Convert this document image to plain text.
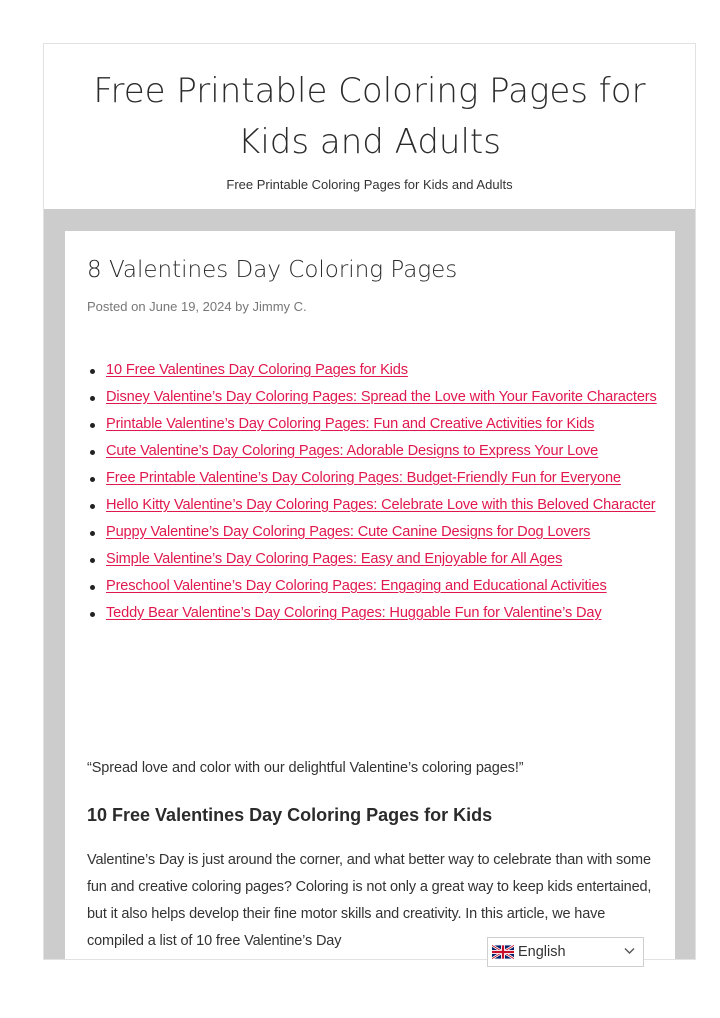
Free Printable Coloring Pages for Kids and Adults
Free Printable Coloring Pages for Kids and Adults
8 Valentines Day Coloring Pages
Posted on June 19, 2024 by Jimmy C.
10 Free Valentines Day Coloring Pages for Kids
Disney Valentine’s Day Coloring Pages: Spread the Love with Your Favorite Characters
Printable Valentine’s Day Coloring Pages: Fun and Creative Activities for Kids
Cute Valentine’s Day Coloring Pages: Adorable Designs to Express Your Love
Free Printable Valentine’s Day Coloring Pages: Budget-Friendly Fun for Everyone
Hello Kitty Valentine’s Day Coloring Pages: Celebrate Love with this Beloved Character
Puppy Valentine’s Day Coloring Pages: Cute Canine Designs for Dog Lovers
Simple Valentine’s Day Coloring Pages: Easy and Enjoyable for All Ages
Preschool Valentine’s Day Coloring Pages: Engaging and Educational Activities
Teddy Bear Valentine’s Day Coloring Pages: Huggable Fun for Valentine’s Day

“Spread love and color with our delightful Valentine’s coloring pages!”

10 Free Valentines Day Coloring Pages for Kids

Valentine’s Day is just around the corner, and what better way to celebrate than with some fun and creative coloring pages? Coloring is not only a great way to keep kids entertained, but it also helps develop their fine motor skills and creativity. In this article, we have compiled a list of 10 free Valentine’s Day

English
